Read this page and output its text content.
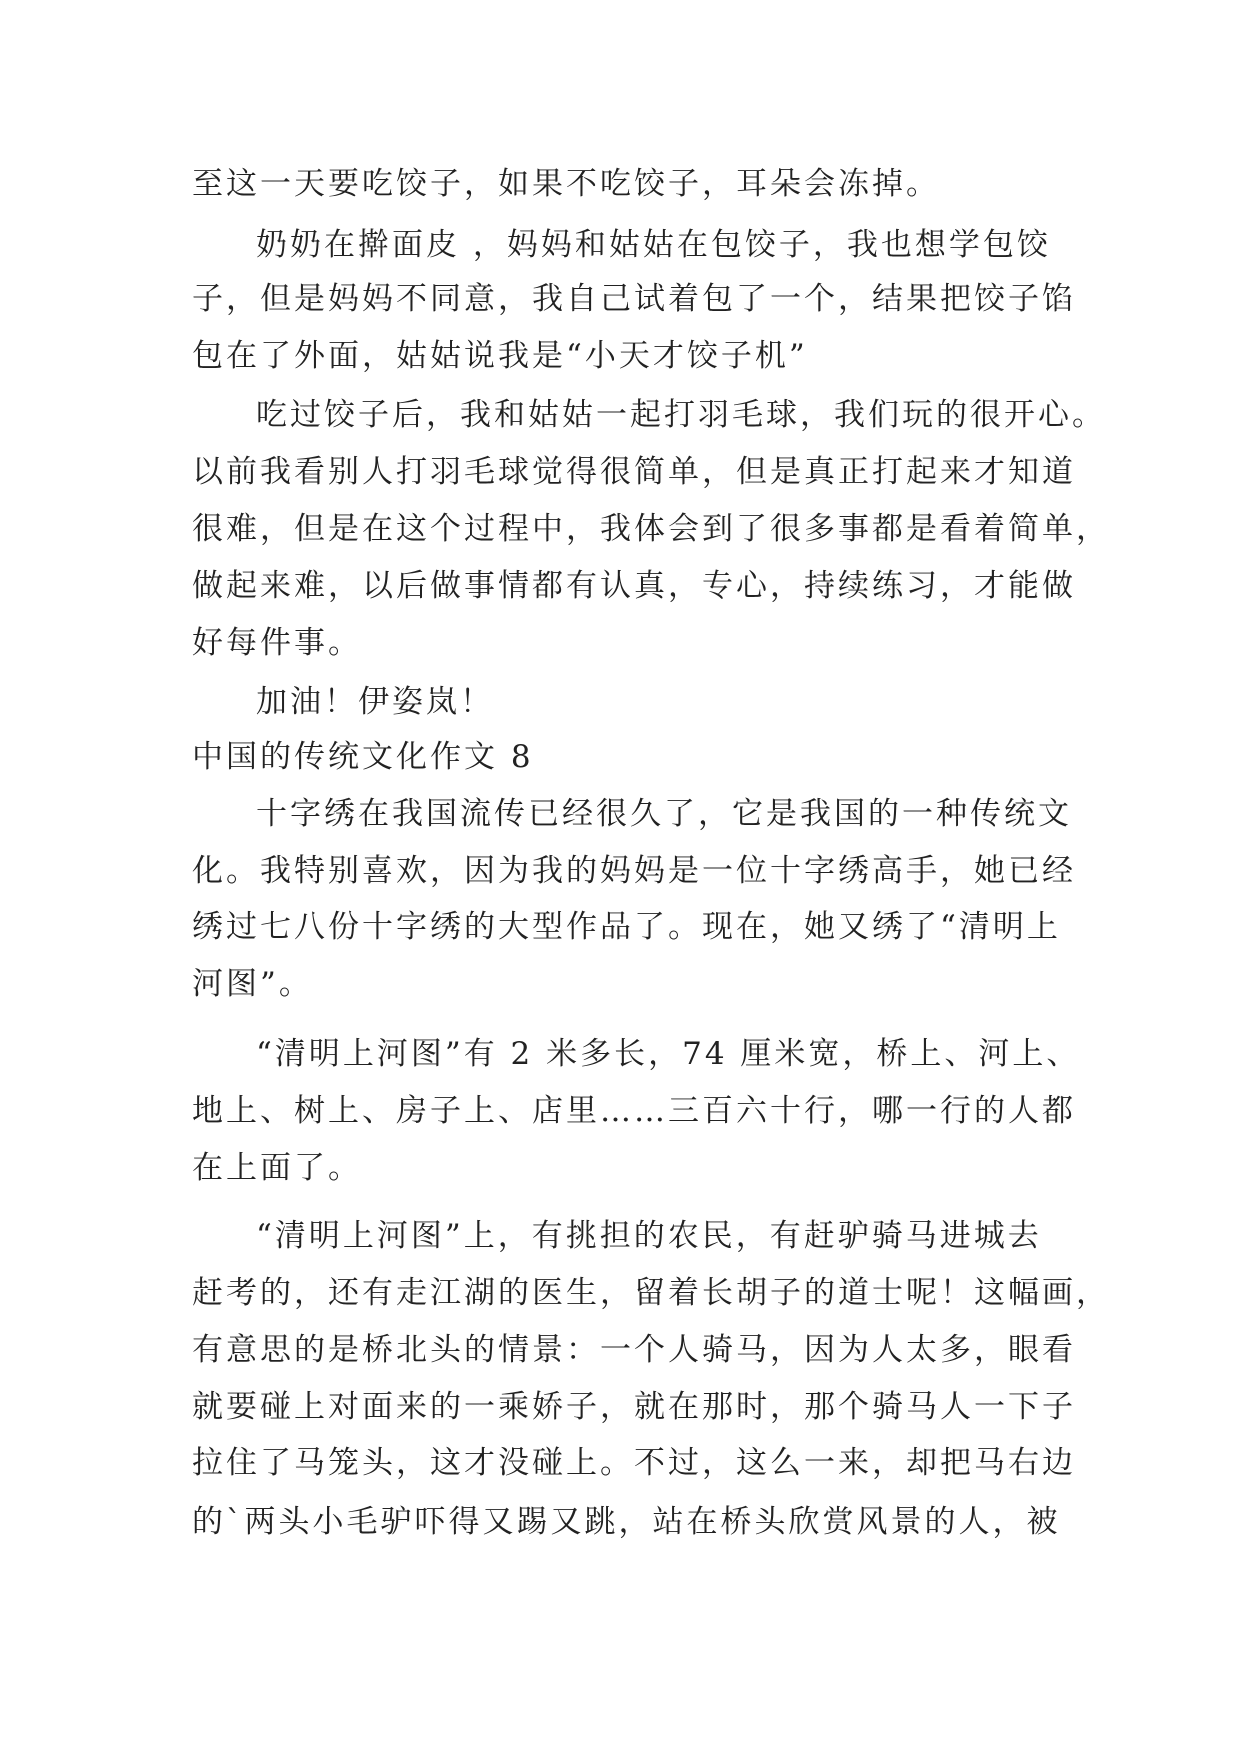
至这一天要吃饺子，如果不吃饺子，耳朵会冻掉。
奶奶在擀面皮 ，妈妈和姑姑在包饺子，我也想学包饺
子，但是妈妈不同意，我自己试着包了一个，结果把饺子馅
包在了外面，姑姑说我是“小天才饺子机”
吃过饺子后，我和姑姑一起打羽毛球，我们玩的很开心。
以前我看别人打羽毛球觉得很简单，但是真正打起来才知道
很难，但是在这个过程中，我体会到了很多事都是看着简单，
做起来难，以后做事情都有认真，专心，持续练习，才能做
好每件事。
加油！伊姿岚！
中国的传统文化作文 8
十字绣在我国流传已经很久了，它是我国的一种传统文
化。我特别喜欢，因为我的妈妈是一位十字绣高手，她已经
绣过七八份十字绣的大型作品了。现在，她又绣了“清明上
河图”。
“清明上河图”有 2 米多长，74 厘米宽，桥上、河上、
地上、树上、房子上、店里……三百六十行，哪一行的人都
在上面了。
“清明上河图”上，有挑担的农民，有赶驴骑马进城去
赶考的，还有走江湖的医生，留着长胡子的道士呢！这幅画，
有意思的是桥北头的情景：一个人骑马，因为人太多，眼看
就要碰上对面来的一乘娇子，就在那时，那个骑马人一下子
拉住了马笼头，这才没碰上。不过，这么一来，却把马右边
的`两头小毛驴吓得又踢又跳，站在桥头欣赏风景的人，被
